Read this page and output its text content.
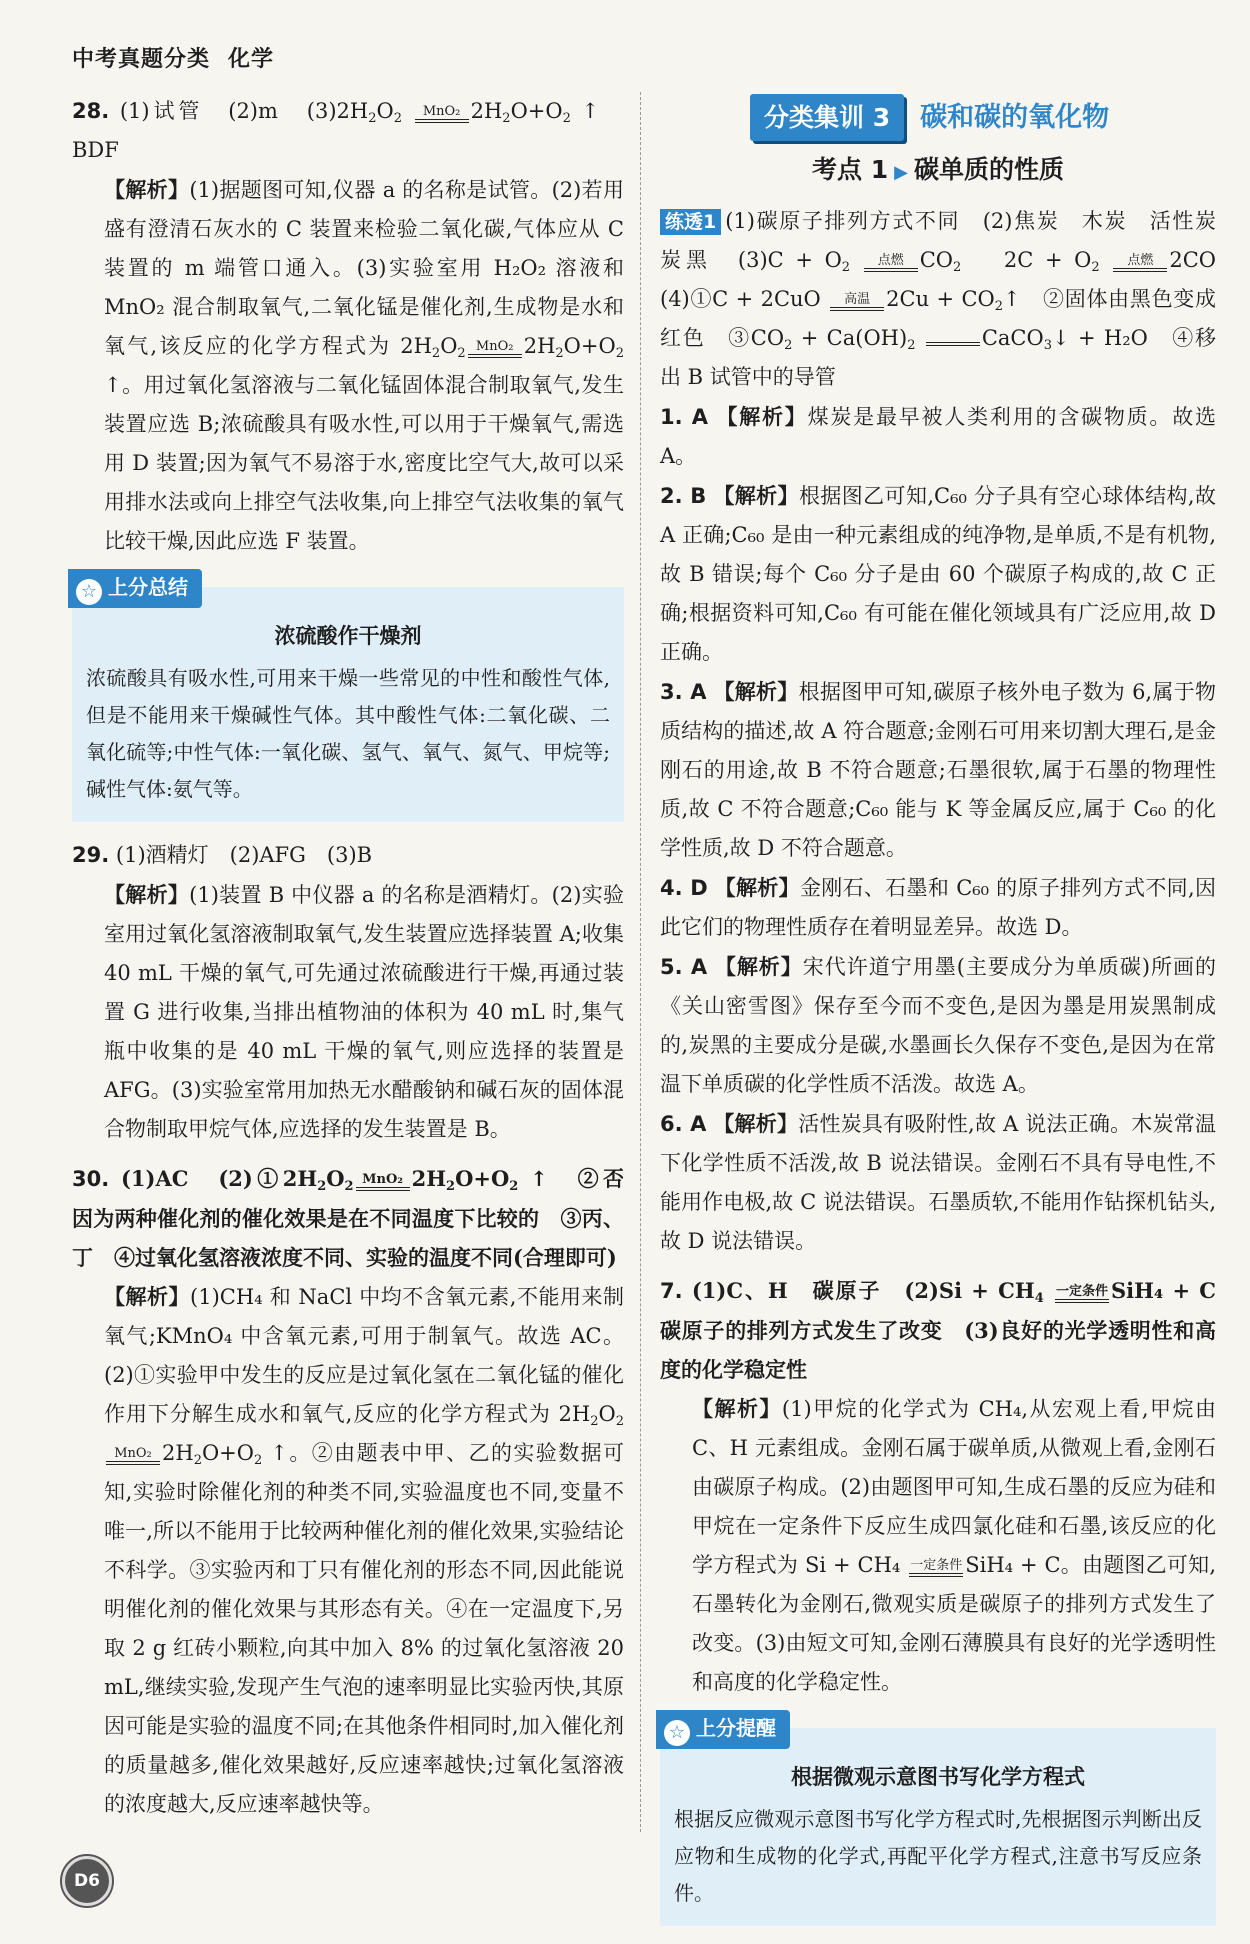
中考真题分类 化学

28. (1)试管　(2)m　$(3)2H_2O_2$ MnO₂ $2H_2O+O_2$ ↑　 BDF

【解析】(1)据题图可知,仪器 a 的名称是试管。(2)若用盛有澄清石灰水的 C 装置来检验二氧化碳,气体应从 C 装置的 m 端管口通入。(3)实验室用 H₂O₂ 溶液和 MnO₂ 混合制取氧气,二氧化锰是催化剂,生成物是水和氧气,该反应的化学方程式为 $2H_2O_2$ MnO₂ $2H_2O+O_2$ ↑。用过氧化氢溶液与二氧化锰固体混合制取氧气,发生装置应选 B;浓硫酸具有吸水性,可以用于干燥氧气,需选用 D 装置;因为氧气不易溶于水,密度比空气大,故可以采用排水法或向上排空气法收集,向上排空气法收集的氧气比较干燥,因此应选 F 装置。

☆ 上分总结
浓硫酸作干燥剂

浓硫酸具有吸水性,可用来干燥一些常见的中性和酸性气体,但是不能用来干燥碱性气体。其中酸性气体:二氧化碳、二氧化硫等;中性气体:一氧化碳、氢气、氧气、氮气、甲烷等;碱性气体:氨气等。

29. (1)酒精灯　(2)AFG　(3)B

【解析】(1)装置 B 中仪器 a 的名称是酒精灯。(2)实验室用过氧化氢溶液制取氧气,发生装置应选择装置 A;收集 40 mL 干燥的氧气,可先通过浓硫酸进行干燥,再通过装置 G 进行收集,当排出植物油的体积为 40 mL 时,集气瓶中收集的是 40 mL 干燥的氧气,则应选择的装置是 AFG。(3)实验室常用加热无水醋酸钠和碱石灰的固体混合物制取甲烷气体,应选择的发生装置是 B。

30. (1)AC　$(2)①2H_2O_2$ MnO₂ $2H_2O+O_2$ ↑　②否　因为两种催化剂的催化效果是在不同温度下比较的　③丙、丁　④过氧化氢溶液浓度不同、实验的温度不同(合理即可)

【解析】(1)CH₄ 和 NaCl 中均不含氧元素,不能用来制氧气;KMnO₄ 中含氧元素,可用于制氧气。故选 AC。(2)①实验甲中发生的反应是过氧化氢在二氧化锰的催化作用下分解生成水和氧气,反应的化学方程式为 $2H_2O_2$
MnO₂ $2H_2O+O_2$ ↑。②由题表中甲、乙的实验数据可知,实验时除催化剂的种类不同,实验温度也不同,变量不唯一,所以不能用于比较两种催化剂的催化效果,实验结论不科学。③实验丙和丁只有催化剂的形态不同,因此能说明催化剂的催化效果与其形态有关。④在一定温度下,另取 2 g 红砖小颗粒,向其中加入 8% 的过氧化氢溶液 20 mL,继续实验,发现产生气泡的速率明显比实验丙快,其原因可能是实验的温度不同;在其他条件相同时,加入催化剂的质量越多,催化效果越好,反应速率越快;过氧化氢溶液的浓度越大,反应速率越快等。

分类集训 3	碳和碳的氧化物
考点 1 ▶ 碳单质的性质

练透1 (1)碳原子排列方式不同　(2)焦炭　木炭　活性炭　炭黑　$(3)C + O_2$ 点燃 $CO_2$　 $2C + O_2$ 点燃 2CO　(4)①C + 2CuO 高温 $2Cu + CO_2↑$　②固体由黑色变成红色　$③CO_2 + Ca(OH)_2$	CaCO$_3$↓ + H₂O　④移出 B 试管中的导管

1. A 【解析】煤炭是最早被人类利用的含碳物质。故选 A。

2. B 【解析】根据图乙可知,C₆₀ 分子具有空心球体结构,故 A 正确;C₆₀ 是由一种元素组成的纯净物,是单质,不是有机物,故 B 错误;每个 C₆₀ 分子是由 60 个碳原子构成的,故 C 正确;根据资料可知,C₆₀ 有可能在催化领域具有广泛应用,故 D 正确。

3. A 【解析】根据图甲可知,碳原子核外电子数为 6,属于物质结构的描述,故 A 符合题意;金刚石可用来切割大理石,是金刚石的用途,故 B 不符合题意;石墨很软,属于石墨的物理性质,故 C 不符合题意;C₆₀ 能与 K 等金属反应,属于 C₆₀ 的化学性质,故 D 不符合题意。

4. D 【解析】金刚石、石墨和 C₆₀ 的原子排列方式不同,因此它们的物理性质存在着明显差异。故选 D。

5. A 【解析】宋代许道宁用墨(主要成分为单质碳)所画的《关山密雪图》保存至今而不变色,是因为墨是用炭黑制成的,炭黑的主要成分是碳,水墨画长久保存不变色,是因为在常温下单质碳的化学性质不活泼。故选 A。

6. A 【解析】活性炭具有吸附性,故 A 说法正确。木炭常温下化学性质不活泼,故 B 说法错误。金刚石不具有导电性,不能用作电极,故 C 说法错误。石墨质软,不能用作钻探机钻头,故 D 说法错误。

7. (1)C、H　碳原子　$(2)Si + CH_4$ 一定条件 SiH₄ + C　碳原子的排列方式发生了改变　(3)良好的光学透明性和高度的化学稳定性

【解析】(1)甲烷的化学式为 CH₄,从宏观上看,甲烷由 C、H 元素组成。金刚石属于碳单质,从微观上看,金刚石由碳原子构成。(2)由题图甲可知,生成石墨的反应为硅和甲烷在一定条件下反应生成四氯化硅和石墨,该反应的化学方程式为 Si + CH₄ 一定条件 SiH₄ + C。由题图乙可知,石墨转化为金刚石,微观实质是碳原子的排列方式发生了改变。(3)由短文可知,金刚石薄膜具有良好的光学透明性和高度的化学稳定性。

☆ 上分提醒
根据微观示意图书写化学方程式

根据反应微观示意图书写化学方程式时,先根据图示判断出反应物和生成物的化学式,再配平化学方程式,注意书写反应条件。

D6
